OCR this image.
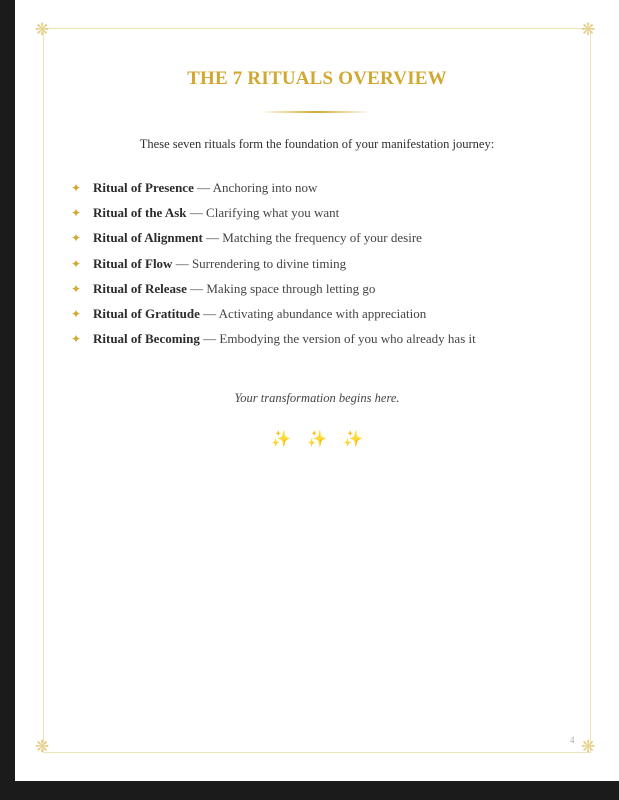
❋	❋
❋	❋
THE 7 RITUALS OVERVIEW
These seven rituals form the foundation of your manifestation journey:
✦ Ritual of Presence — Anchoring into now
✦ Ritual of the Ask — Clarifying what you want
✦ Ritual of Alignment — Matching the frequency of your desire
✦ Ritual of Flow — Surrendering to divine timing
✦ Ritual of Release — Making space through letting go
✦ Ritual of Gratitude — Activating abundance with appreciation
✦ Ritual of Becoming — Embodying the version of you who already has it
Your transformation begins here.
✨ ✨ ✨
4
